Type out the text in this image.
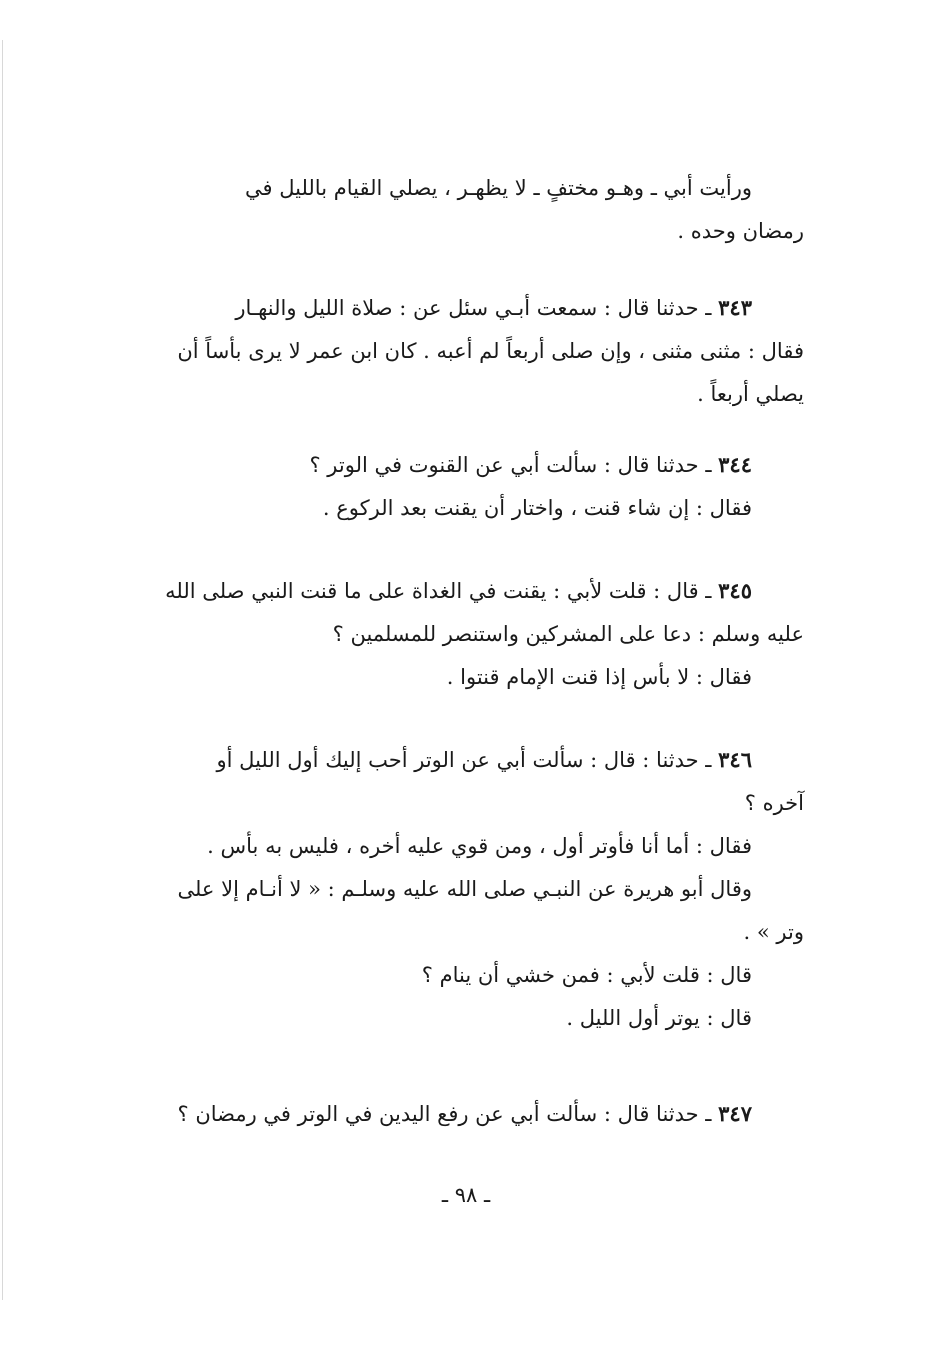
ورأيت أبي ـ وهـو مختفٍ ـ لا يظهـر ، يصلي القيام بالليل في
رمضان وحده .
٣٤٣ ـ حدثنا قال : سمعت أبـي سئل عن : صلاة الليل والنهـار
فقال : مثنى مثنى ، وإن صلى أربعاً لم أعبه . كان ابن عمر لا يرى بأساً أن
يصلي أربعاً .
٣٤٤ ـ حدثنا قال : سألت أبي عن القنوت في الوتر ؟
فقال : إن شاء قنت ، واختار أن يقنت بعد الركوع .
٣٤٥ ـ قال : قلت لأبي : يقنت في الغداة على ما قنت النبي صلى الله
عليه وسلم : دعا على المشركين واستنصر للمسلمين ؟
فقال : لا بأس إذا قنت الإمام قنتوا .
٣٤٦ ـ حدثنا : قال : سألت أبي عن الوتر أحب إليك أول الليل أو
آخره ؟
فقال : أما أنا فأوتر أول ، ومن قوي عليه أخره ، فليس به بأس .
وقال أبو هريرة عن النبـي صلى الله عليه وسلـم : « لا أنـام إلا على
وتر » .
قال : قلت لأبي : فمن خشي أن ينام ؟
قال : يوتر أول الليل .
٣٤٧ ـ حدثنا قال : سألت أبي عن رفع اليدين في الوتر في رمضان ؟
ـ ٩٨ ـ
